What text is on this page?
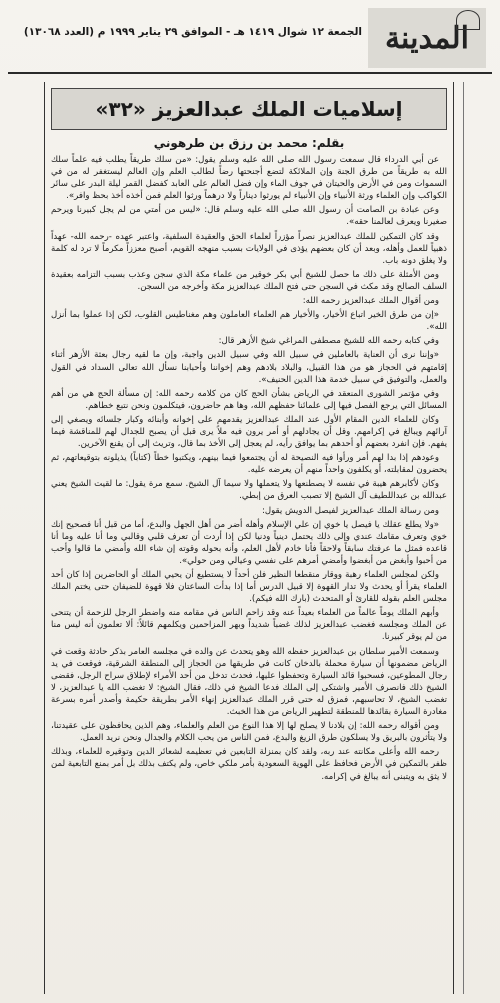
المدينة
الجمعة ١٢ شوال ١٤١٩ هـ - الموافق ٢٩ يناير ١٩٩٩ م (العدد ١٣٠٦٨)
إسلاميات الملك عبدالعزيز «٣٢»
بقلم: محمد بن رزق بن طرهوني

عن أبي الدرداء قال سمعت رسول الله صلى الله عليه وسلم يقول: «من سلك طريقاً يطلب فيه علماً سلك الله به طريقاً من طرق الجنة وإن الملائكة لتضع أجنحتها رضاً لطالب العلم وإن العالم ليستغفر له من في السموات ومن في الأرض والحيتان في جوف الماء وإن فضل العالم على العابد كفضل القمر ليلة البدر على سائر الكواكب وإن العلماء ورثة الأنبياء وإن الأنبياء لم يورثوا ديناراً ولا درهماً ورثوا العلم فمن أخذه أخذ بحظ وافر».

وعن عبادة بن الصامت أن رسول الله صلى الله عليه وسلم قال: «ليس من أمتي من لم يجل كبيرنا ويرحم صغيرنا ويعرف لعالمنا حقه».

وقد كان التمكين للملك عبدالعزيز نصراً مؤزراً لعلماء الحق والعقيدة السلفية، واعتبر عهده -رحمه الله- عهداً ذهبياً للعمل وأهله، وبعد أن كان بعضهم يؤذى في الولايات بسبب منهجه القويم، أصبح معززاً مكرماً لا ترد له كلمة ولا يغلق دونه باب.

ومن الأمثلة على ذلك ما حصل للشيخ أبي بكر خوقير من علماء مكة الذي سجن وعذب بسبب التزامه بعقيدة السلف الصالح وقد مكث في السجن حتى فتح الملك عبدالعزيز مكة وأخرجه من السجن.

ومن أقوال الملك عبدالعزيز رحمه الله:

«إن من طرق الخير اتباع الأخيار، والأخيار هم العلماء العاملون وهم مغناطيس القلوب، لكن إذا عملوا بما أنزل الله».

وفي كتابه رحمه الله للشيخ مصطفى المراغي شيخ الأزهر قال:

«وإننا نرى أن العناية بالعاملين في سبيل الله وفي سبيل الدين واجبة، وإن ما لقيه رجال بعثة الأزهر أثناء إقامتهم في الحجاز هو من هذا القبيل، والبلاد بلادهم وهم إخواننا وأحبابنا نسأل الله تعالى السداد في القول والعمل، والتوفيق في سبيل خدمة هذا الدين الحنيف».

وفي مؤتمر الشورى المنعقد في الرياض بشأن الحج كان من كلامه رحمه الله: إن مسألة الحج هي من أهم المسائل التي يرجع الفصل فيها إلى علمائنا حفظهم الله، وها هم حاضرون، فيتكلمون ونحن نتبع خطاهم.

وكان للعلماء الدين المقام الأول عند الملك عبدالعزيز يقدمهم على إخوانه وأبنائه وكبار جلسائه ويصغي إلى آرائهم ويبالغ في إكرامهم. وقل أن يجادلهم أو أمر يرون فيه ملاً يرى قبل أن يصبح للجدال لهم للمناقشة فيما يفهم. فإن انفرد بعضهم أو أحدهم بما يوافق رأيه، لم يعجل إلى الأخذ بما قال، وتريث إلى أن يقنع الآخرين.

وعودهم إذا بدا لهم أمر ورأوا فيه النصيحة له أن يجتمعوا فيما بينهم، ويكتبوا خطاً (كتاباً) يذيلونه بتوقيعاتهم، ثم يحضرون لمقابلته، أو يكلفون واحداً منهم أن يعرضه عليه.

وكان لأكابرهم هيبة في نفسه لا يصطنعها ولا يتعملها ولا سيما آل الشيخ. سمع مرة يقول: ما لقيت الشيخ يعني عبدالله بن عبداللطيف آل الشيخ إلا تصبب العرق من إبطي.

ومن رسالة الملك عبدالعزيز لفيصل الدويش يقول:

«ولا يطلع عقلك يا فيصل يا خوي إن علي الإسلام وأهله أضر من أهل الجهل والبدع، أما من قبل أنا فصحيح إنك خوي وتعرف مقامك عندي وإلى ذلك يحتمل دينياً ودنيا لكن إذا أردت أن تعرف قلبي وقالبي وما أنا عليه وما أنا قاعده فمثل ما عرفتك سابقاً ولاحقاً فأنا خادم لأهل العلم، وأنه بحوله وقوته إن شاء الله وأمضي ما قالوا وأحب من أحبوا وأبغض من أبغضوا وأمضي أمرهم على نفسي وعيالي ومن حولي».

ولكن لمجلس العلماء رهبة ووقار منقطعا النظير فلن أحداً لا يستطيع أن يحيي الملك أو الحاضرين إذا كان أحد العلماء يقرأ أو يحدث ولا تدار القهوة إلا قبيل الدرس أما إذا بدأت الساعتان فلا قهوة للضيفان حتى يختم الملك مجلس العلم بقوله للقارئ أو المتحدث (بارك الله فيكم).

وأبهم الملك يوماً عالماً من العلماء بعيداً عنه وقد زاحم الناس في مقامه منه واضطر الرجل للزحمة أن يتنحى عن الملك ومجلسه فغضب عبدالعزيز لذلك غضباً شديداً وبهر المزاحمين ويكلمهم قائلاً: ألا تعلمون أنه ليس منا من لم يوقر كبيرنا.

وسمعت الأمير سلطان بن عبدالعزيز حفظه الله وهو يتحدث عن والده في مجلسه العامر بذكر حادثة وقعت في الرياض مضمونها أن سيارة محملة بالدخان كانت في طريقها من الحجاز إلى المنطقة الشرقية، فوقعت في يد رجال المطوعين، فسحبوا قائد السيارة وتحفظوا عليها، فحدث تدخل من أحد الأمراء لإطلاق سراح الرجل، فقضى الشيخ ذلك فانصرف الأمير واشتكى إلى الملك فدعا الشيخ في ذلك، فقال الشيخ: لا تغضب الله يا عبدالعزيز، لا تغضب الشيخ، لا تحاسبهم، فمزق له حتى قرر الملك عبدالعزيز إنهاء الأمر بطريقة حكيمة وأصدر أمره بسرعة مغادرة السيارة بقائدها للمنطقة لتطهير الرياض من هذا الخبث.

ومن أقواله رحمه الله: إن بلادنا لا يصلح لها إلا هذا النوع من العلم والعلماء، وهم الذين يحافظون على عقيدتنا، ولا يتأثرون بالبريق ولا يسلكون طرق الزيغ والبدع، فمن الناس من يحب الكلام والجدال ونحن نريد العمل.

رحمه الله وأعلى مكانته عند ربه، ولقد كان بمنزلة التابعين في تعظيمه لشعائر الدين وتوقيره للعلماء، وبذلك ظفر بالتمكين في الأرض فحافظ على الهوية السعودية بأمر ملكي خاص، ولم يكتف بذلك بل أمر بمنع التابعية لمن لا يثق به ويتبنى أنه يبالغ في إكرامه.
